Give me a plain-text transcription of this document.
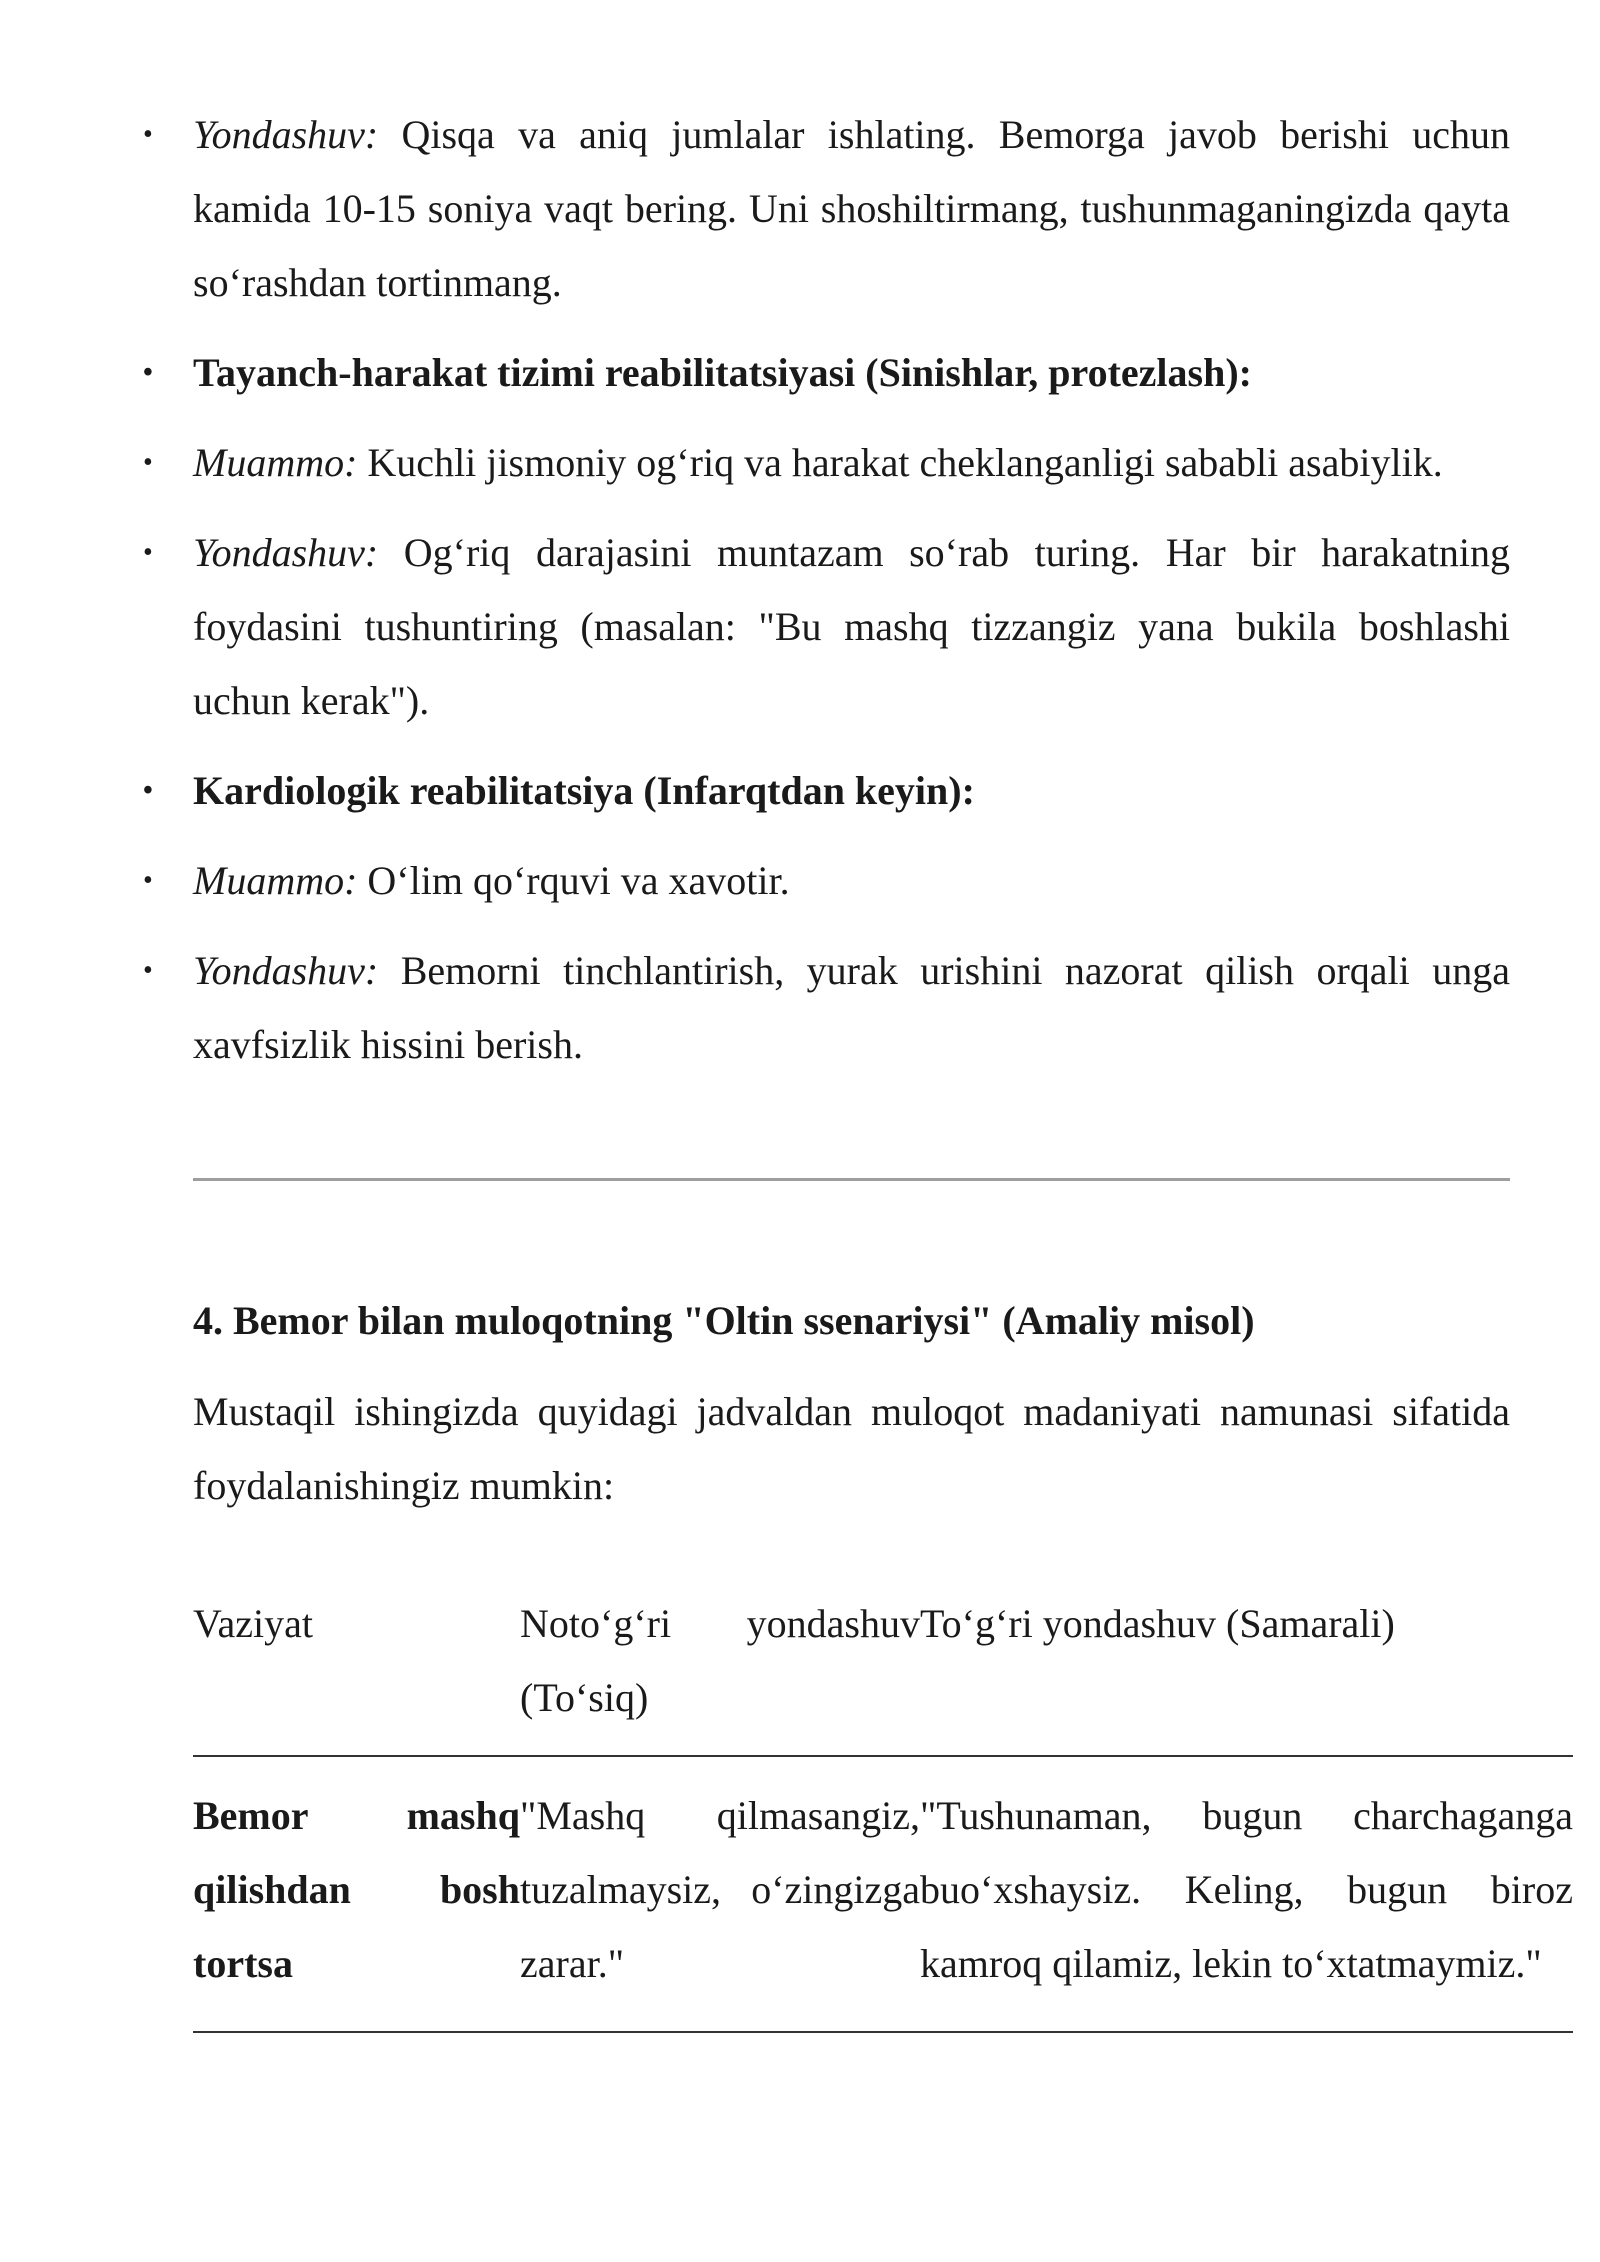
• Yondashuv: Qisqa va aniq jumlalar ishlating. Bemorga javob berishi uchun kamida 10-15 soniya vaqt bering. Uni shoshiltirmang, tushunmaganingizda qayta so‘rashdan tortinmang.
• Tayanch-harakat tizimi reabilitatsiyasi (Sinishlar, protezlash):
• Muammo: Kuchli jismoniy og‘riq va harakat cheklanganligi sababli asabiylik.
• Yondashuv: Og‘riq darajasini muntazam so‘rab turing. Har bir harakatning foydasini tushuntiring (masalan: "Bu mashq tizzangiz yana bukila boshlashi uchun kerak").
• Kardiologik reabilitatsiya (Infarqtdan keyin):
• Muammo: O‘lim qo‘rquvi va xavotir.
• Yondashuv: Bemorni tinchlantirish, yurak urishini nazorat qilish orqali unga xavfsizlik hissini berish.
4. Bemor bilan muloqotning "Oltin ssenariysi" (Amaliy misol)
Mustaqil ishingizda quyidagi jadvaldan muloqot madaniyati namunasi sifatida foydalanishingiz mumkin:
Vaziyat	Noto‘g‘ri yondashuv (To‘siq)
To‘g‘ri yondashuv (Samarali)
Bemor mashq qilishdan bosh tortsa
"Mashq qilmasangiz, tuzalmaysiz, o‘zingizga zarar."
"Tushunaman, bugun charchaganga buo‘xshaysiz. Keling, bugun biroz kamroq qilamiz, lekin to‘xtatmaymiz."
